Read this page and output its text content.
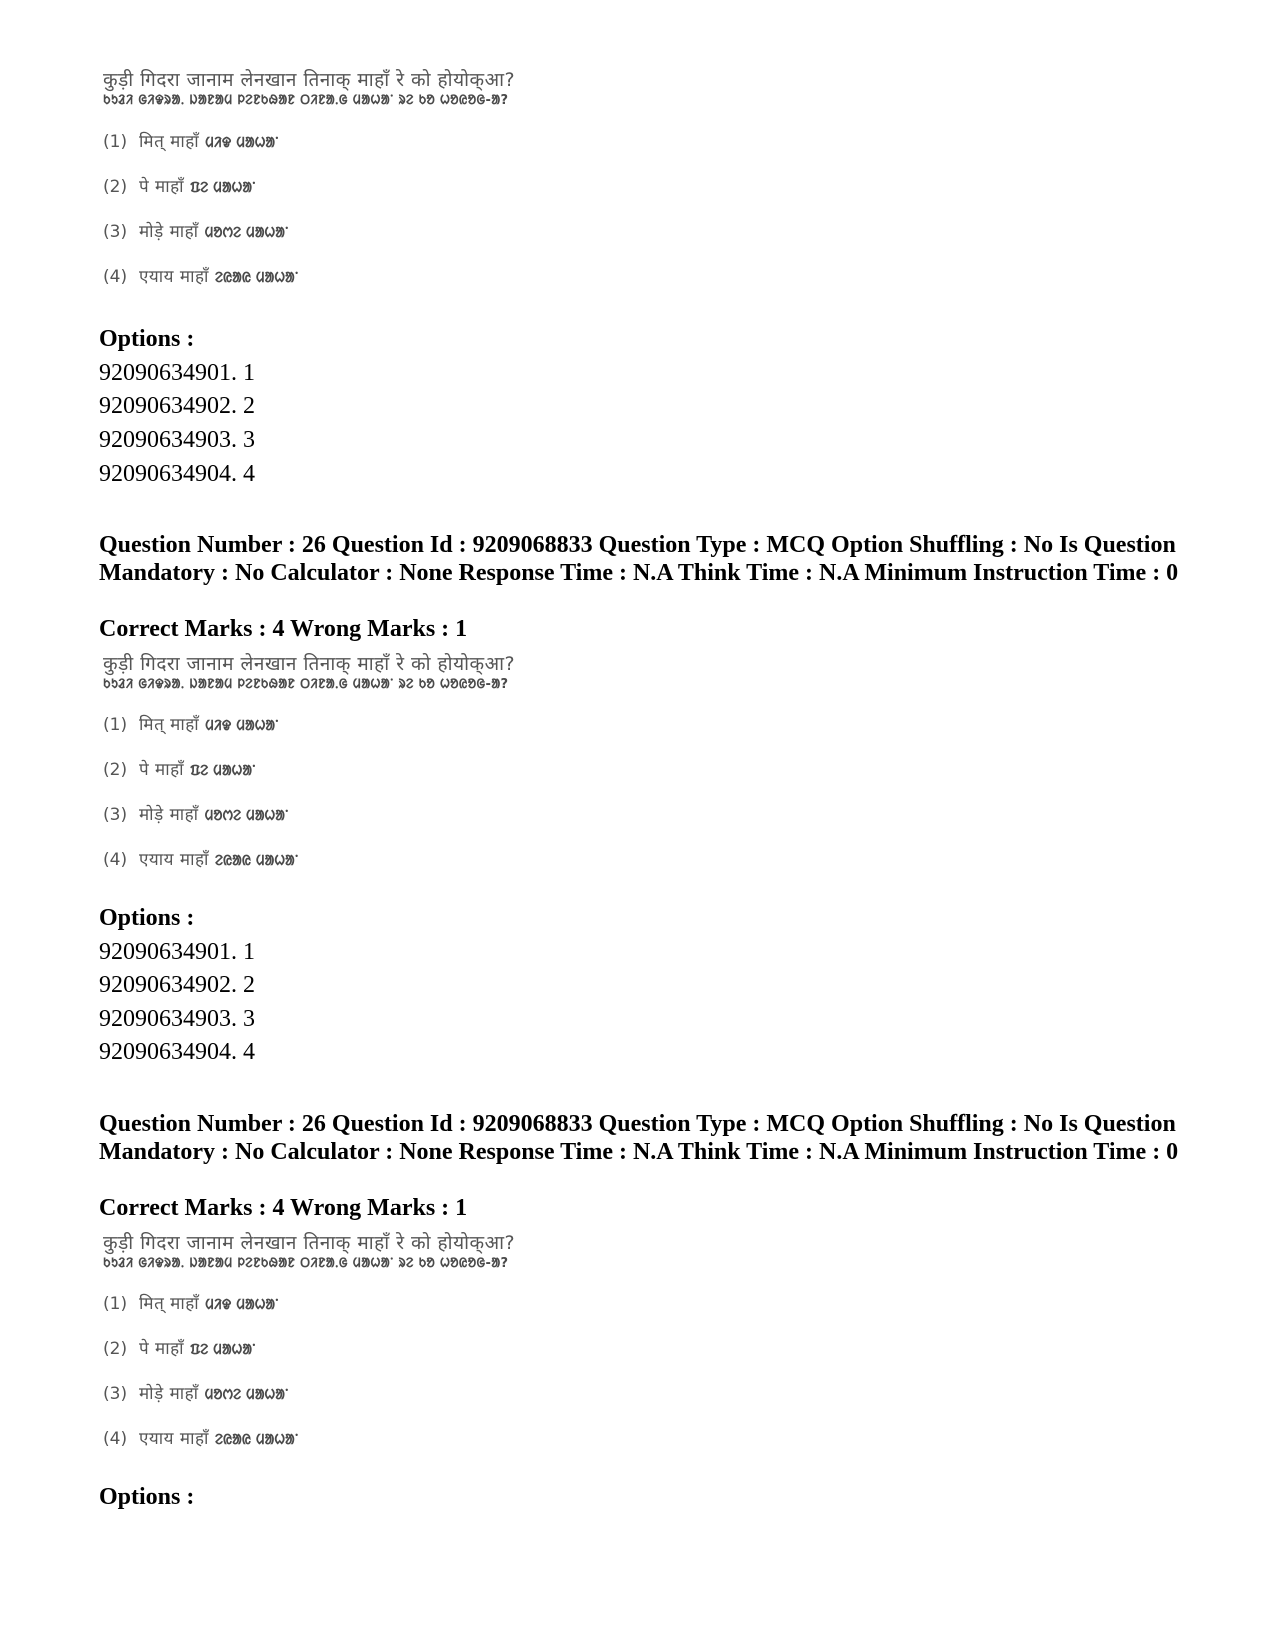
कुड़ी गिदरा जानाम लेनखान तिनाक् माहाँ रे को होयोक्आ?
ᱠᱩᱲᱤ ᱜᱤᱫᱨᱟᱹ ᱡᱟᱱᱟᱢ ᱞᱮᱱᱠᱷᱟᱱ ᱛᱤᱱᱟᱹᱜ ᱢᱟᱦᱟᱸ ᱨᱮ ᱠᱚ ᱦᱚᱭᱚᱜ-ᱟ?
(1) मित् माहाँ ᱢᱤᱫ ᱢᱟᱦᱟᱸ
(2) पे माहाँ ᱯᱮ ᱢᱟᱦᱟᱸ
(3) मोड़े माहाँ ᱢᱚᱬᱮ ᱢᱟᱦᱟᱸ
(4) एयाय माहाँ ᱮᱭᱟᱭ ᱢᱟᱦᱟᱸ
Options :
92090634901. 1
92090634902. 2
92090634903. 3
92090634904. 4
Question Number : 26 Question Id : 9209068833 Question Type : MCQ Option Shuffling : No Is Question Mandatory : No Calculator : None Response Time : N.A Think Time : N.A Minimum Instruction Time : 0
Correct Marks : 4 Wrong Marks : 1
कुड़ी गिदरा जानाम लेनखान तिनाक् माहाँ रे को होयोक्आ?
ᱠᱩᱲᱤ ᱜᱤᱫᱨᱟᱹ ᱡᱟᱱᱟᱢ ᱞᱮᱱᱠᱷᱟᱱ ᱛᱤᱱᱟᱹᱜ ᱢᱟᱦᱟᱸ ᱨᱮ ᱠᱚ ᱦᱚᱭᱚᱜ-ᱟ?
(1) मित् माहाँ ᱢᱤᱫ ᱢᱟᱦᱟᱸ
(2) पे माहाँ ᱯᱮ ᱢᱟᱦᱟᱸ
(3) मोड़े माहाँ ᱢᱚᱬᱮ ᱢᱟᱦᱟᱸ
(4) एयाय माहाँ ᱮᱭᱟᱭ ᱢᱟᱦᱟᱸ
Options :
92090634901. 1
92090634902. 2
92090634903. 3
92090634904. 4
Question Number : 26 Question Id : 9209068833 Question Type : MCQ Option Shuffling : No Is Question Mandatory : No Calculator : None Response Time : N.A Think Time : N.A Minimum Instruction Time : 0
Correct Marks : 4 Wrong Marks : 1
कुड़ी गिदरा जानाम लेनखान तिनाक् माहाँ रे को होयोक्आ?
ᱠᱩᱲᱤ ᱜᱤᱫᱨᱟᱹ ᱡᱟᱱᱟᱢ ᱞᱮᱱᱠᱷᱟᱱ ᱛᱤᱱᱟᱹᱜ ᱢᱟᱦᱟᱸ ᱨᱮ ᱠᱚ ᱦᱚᱭᱚᱜ-ᱟ?
(1) मित् माहाँ ᱢᱤᱫ ᱢᱟᱦᱟᱸ
(2) पे माहाँ ᱯᱮ ᱢᱟᱦᱟᱸ
(3) मोड़े माहाँ ᱢᱚᱬᱮ ᱢᱟᱦᱟᱸ
(4) एयाय माहाँ ᱮᱭᱟᱭ ᱢᱟᱦᱟᱸ
Options :
